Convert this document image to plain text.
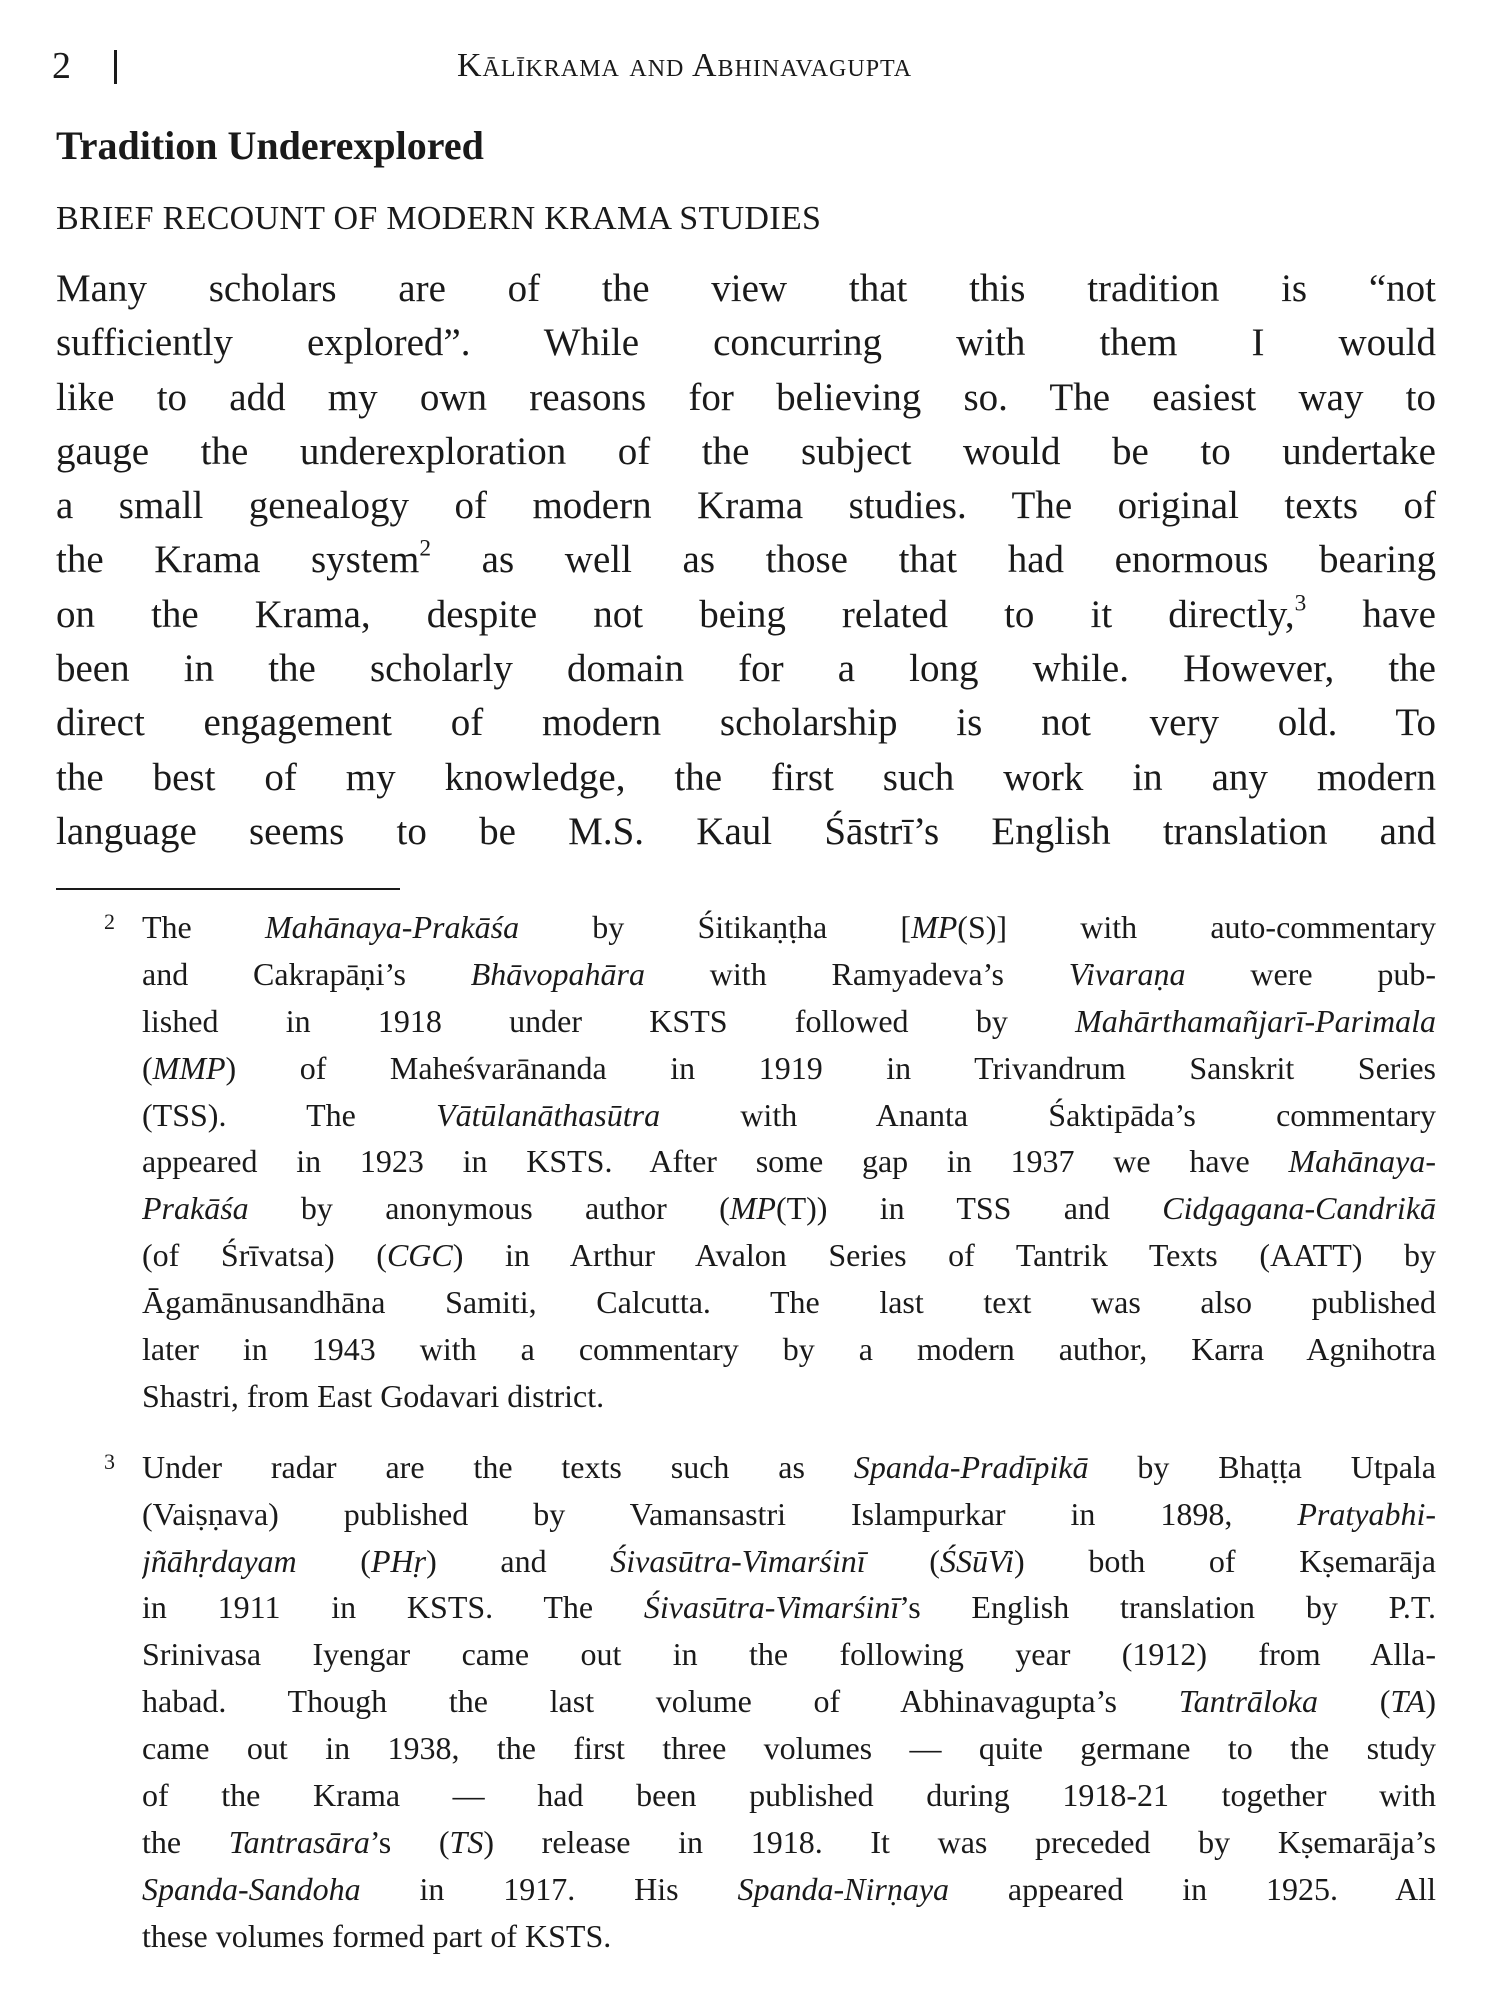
2	Kālīkrama and Abhinavagupta
Tradition Underexplored
BRIEF RECOUNT OF MODERN KRAMA STUDIES
Many scholars are of the view that this tradition is “not
sufficiently explored”. While concurring with them I would
like to add my own reasons for believing so. The easiest way to
gauge the underexploration of the subject would be to undertake
a small genealogy of modern Krama studies. The original texts of
the Krama system$^2$ as well as those that had enormous bearing
on the Krama, despite not being related to it directly,$^3$ have
been in the scholarly domain for a long while. However, the
direct engagement of modern scholarship is not very old. To
the best of my knowledge, the first such work in any modern
language seems to be M.S. Kaul Śāstrī’s English translation and
2 The Mahānaya-Prakāśa by Śitikaṇṭha [MP(S)] with auto-commentary
and Cakrapāṇi’s Bhāvopahāra with Ramyadeva’s Vivaraṇa were pub-
lished in 1918 under KSTS followed by Mahārthamañjarī-Parimala
(MMP) of Maheśvarānanda in 1919 in Trivandrum Sanskrit Series
(TSS). The Vātūlanāthasūtra with Ananta Śaktipāda’s commentary
appeared in 1923 in KSTS. After some gap in 1937 we have Mahānaya-
Prakāśa by anonymous author (MP(T)) in TSS and Cidgagana-Candrikā
(of Śrīvatsa) (CGC) in Arthur Avalon Series of Tantrik Texts (AATT) by
Āgamānusandhāna Samiti, Calcutta. The last text was also published
later in 1943 with a commentary by a modern author, Karra Agnihotra
Shastri, from East Godavari district.
3 Under radar are the texts such as Spanda-Pradīpikā by Bhaṭṭa Utpala
(Vaiṣṇava) published by Vamansastri Islampurkar in 1898, Pratyabhi-
jñāhṛdayam (PHṛ) and Śivasūtra-Vimarśinī (ŚSūVi) both of Kṣemarāja
in 1911 in KSTS. The Śivasūtra-Vimarśinī’s English translation by P.T.
Srinivasa Iyengar came out in the following year (1912) from Alla-
habad. Though the last volume of Abhinavagupta’s Tantrāloka (TA)
came out in 1938, the first three volumes — quite germane to the study
of the Krama — had been published during 1918-21 together with
the Tantrasāra’s (TS) release in 1918. It was preceded by Kṣemarāja’s
Spanda-Sandoha in 1917. His Spanda-Nirṇaya appeared in 1925. All
these volumes formed part of KSTS.
